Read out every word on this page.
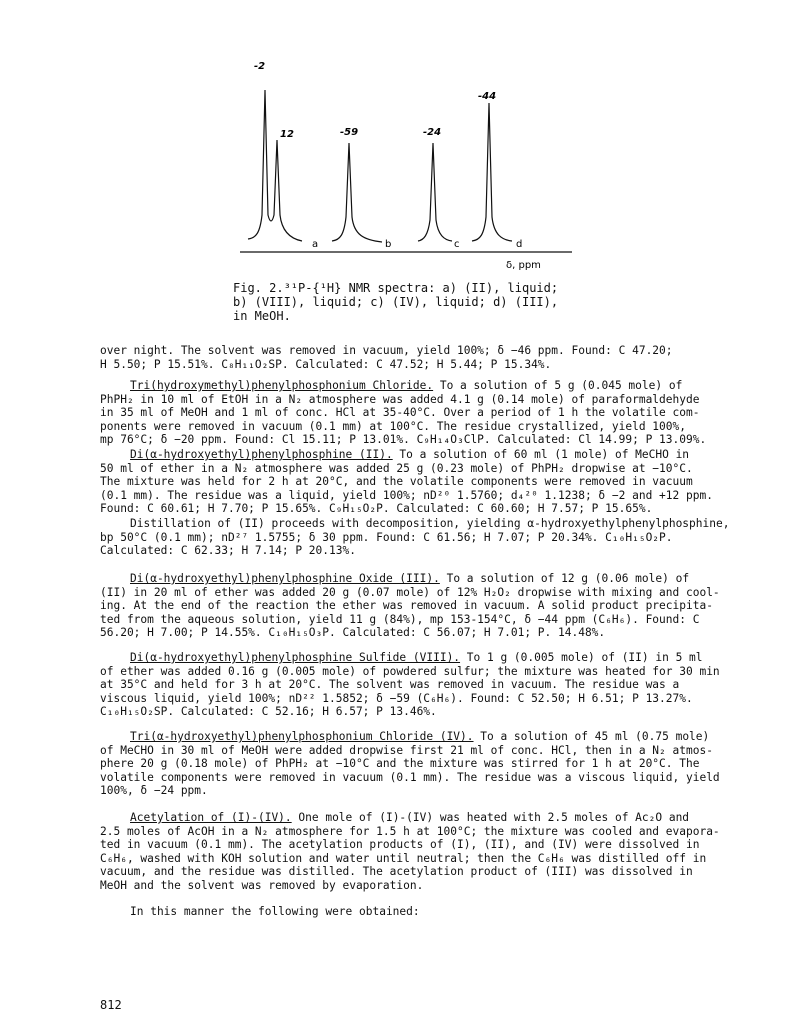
-2
12	-59	-24
-44
a	b	c	d
δ, ppm
Fig. 2.³¹P-{¹H} NMR spectra: a) (II), liquid;
b) (VIII), liquid; c) (IV), liquid; d) (III),
in MeOH.
over night. The solvent was removed in vacuum, yield 100%; δ −46 ppm. Found: C 47.20;
H 5.50; P 15.51%. C₈H₁₁O₂SP. Calculated: C 47.52; H 5.44; P 15.34%.
Tri(hydroxymethyl)phenylphosphonium Chloride. To a solution of 5 g (0.045 mole) of
PhPH₂ in 10 ml of EtOH in a N₂ atmosphere was added 4.1 g (0.14 mole) of paraformaldehyde
in 35 ml of MeOH and 1 ml of conc. HCl at 35-40°C. Over a period of 1 h the volatile com-
ponents were removed in vacuum (0.1 mm) at 100°C. The residue crystallized, yield 100%,
mp 76°C; δ −20 ppm. Found: Cl 15.11; P 13.01%. C₉H₁₄O₃ClP. Calculated: Cl 14.99; P 13.09%.
Di(α-hydroxyethyl)phenylphosphine (II). To a solution of 60 ml (1 mole) of MeCHO in
50 ml of ether in a N₂ atmosphere was added 25 g (0.23 mole) of PhPH₂ dropwise at −10°C.
The mixture was held for 2 h at 20°C, and the volatile components were removed in vacuum
(0.1 mm). The residue was a liquid, yield 100%; nD²⁰ 1.5760; d₄²⁰ 1.1238; δ −2 and +12 ppm.
Found: C 60.61; H 7.70; P 15.65%. C₉H₁₅O₂P. Calculated: C 60.60; H 7.57; P 15.65%.
Distillation of (II) proceeds with decomposition, yielding α-hydroxyethylphenylphosphine,
bp 50°C (0.1 mm); nD²⁷ 1.5755; δ 30 ppm. Found: C 61.56; H 7.07; P 20.34%. C₁₀H₁₅O₂P.
Calculated: C 62.33; H 7.14; P 20.13%.
Di(α-hydroxyethyl)phenylphosphine Oxide (III). To a solution of 12 g (0.06 mole) of
(II) in 20 ml of ether was added 20 g (0.07 mole) of 12% H₂O₂ dropwise with mixing and cool-
ing. At the end of the reaction the ether was removed in vacuum. A solid product precipita-
ted from the aqueous solution, yield 11 g (84%), mp 153-154°C, δ −44 ppm (C₆H₆). Found: C
56.20; H 7.00; P 14.55%. C₁₀H₁₅O₃P. Calculated: C 56.07; H 7.01; P. 14.48%.
Di(α-hydroxyethyl)phenylphosphine Sulfide (VIII). To 1 g (0.005 mole) of (II) in 5 ml
of ether was added 0.16 g (0.005 mole) of powdered sulfur; the mixture was heated for 30 min
at 35°C and held for 3 h at 20°C. The solvent was removed in vacuum. The residue was a
viscous liquid, yield 100%; nD²² 1.5852; δ −59 (C₆H₆). Found: C 52.50; H 6.51; P 13.27%.
C₁₀H₁₅O₂SP. Calculated: C 52.16; H 6.57; P 13.46%.
Tri(α-hydroxyethyl)phenylphosphonium Chloride (IV). To a solution of 45 ml (0.75 mole)
of MeCHO in 30 ml of MeOH were added dropwise first 21 ml of conc. HCl, then in a N₂ atmos-
phere 20 g (0.18 mole) of PhPH₂ at −10°C and the mixture was stirred for 1 h at 20°C. The
volatile components were removed in vacuum (0.1 mm). The residue was a viscous liquid, yield
100%, δ −24 ppm.
Acetylation of (I)-(IV). One mole of (I)-(IV) was heated with 2.5 moles of Ac₂O and
2.5 moles of AcOH in a N₂ atmosphere for 1.5 h at 100°C; the mixture was cooled and evapora-
ted in vacuum (0.1 mm). The acetylation products of (I), (II), and (IV) were dissolved in
C₆H₆, washed with KOH solution and water until neutral; then the C₆H₆ was distilled off in
vacuum, and the residue was distilled. The acetylation product of (III) was dissolved in
MeOH and the solvent was removed by evaporation.
In this manner the following were obtained:
812
